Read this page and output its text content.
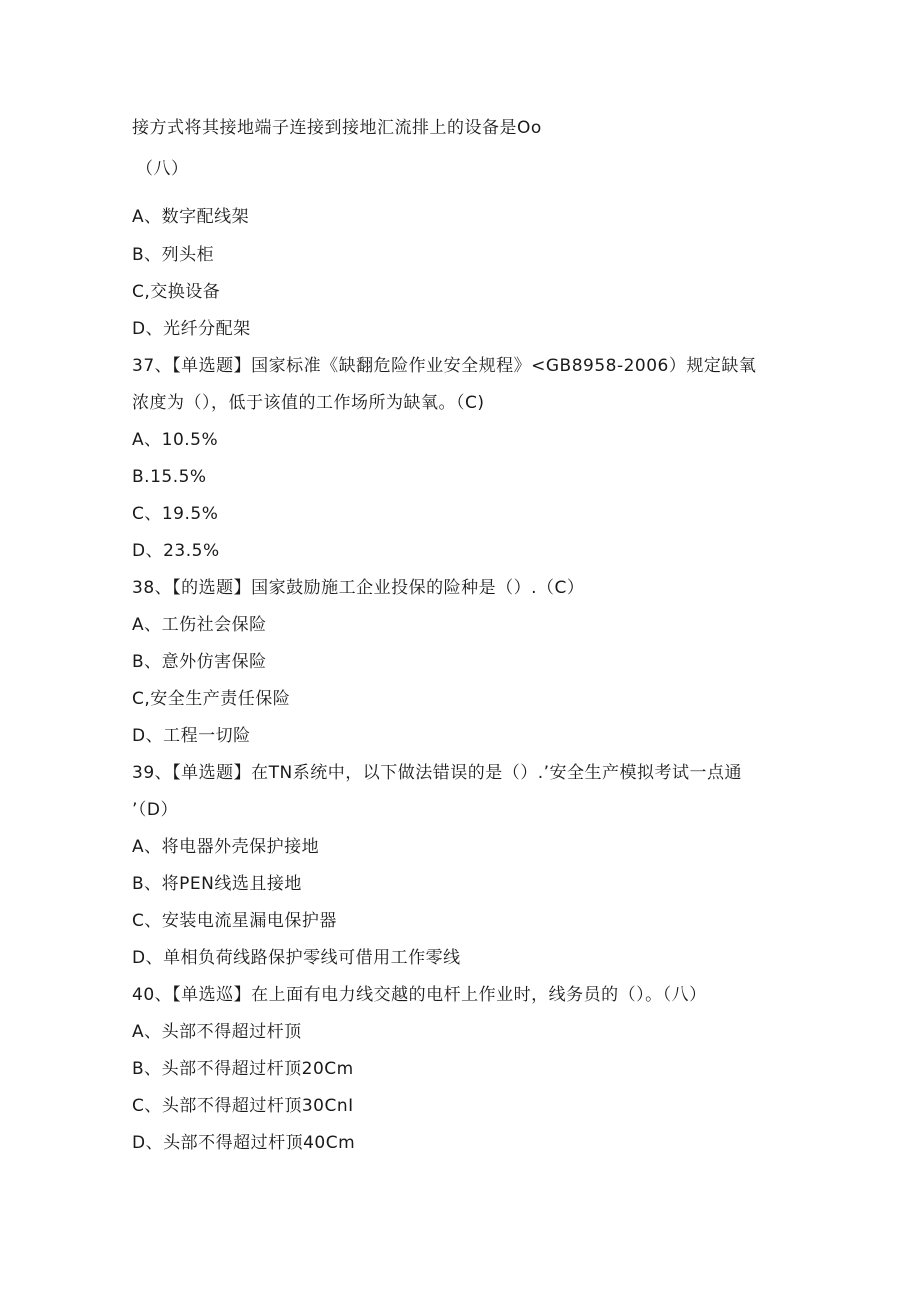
接方式将其接地端子连接到接地汇流排上的设备是Oo
（八）
A、数字配线架
B、列头柜
C,交换设备
D、光纤分配架
37、【单选题】国家标准《缺翻危险作业安全规程》<GB8958-2006）规定缺氧
浓度为（），低于该值的工作场所为缺氧。（C)
A、10.5%
B.15.5%
C、19.5%
D、23.5%
38、【的选题】国家鼓励施工企业投保的险种是（）.（C）
A、工伤社会保险
B、意外仿害保险
C,安全生产责任保险
D、工程一切险
39、【单选题】在TN系统中，以下做法错误的是（）.’安全生产模拟考试一点通
’（D）
A、将电器外壳保护接地
B、将PEN线选且接地
C、安装电流星漏电保护器
D、单相负荷线路保护零线可借用工作零线
40、【单选巡】在上面有电力线交越的电杆上作业时，线务员的（）。（八）
A、头部不得超过杆顶
B、头部不得超过杆顶20Cm
C、头部不得超过杆顶30CnI
D、头部不得超过杆顶40Cm
